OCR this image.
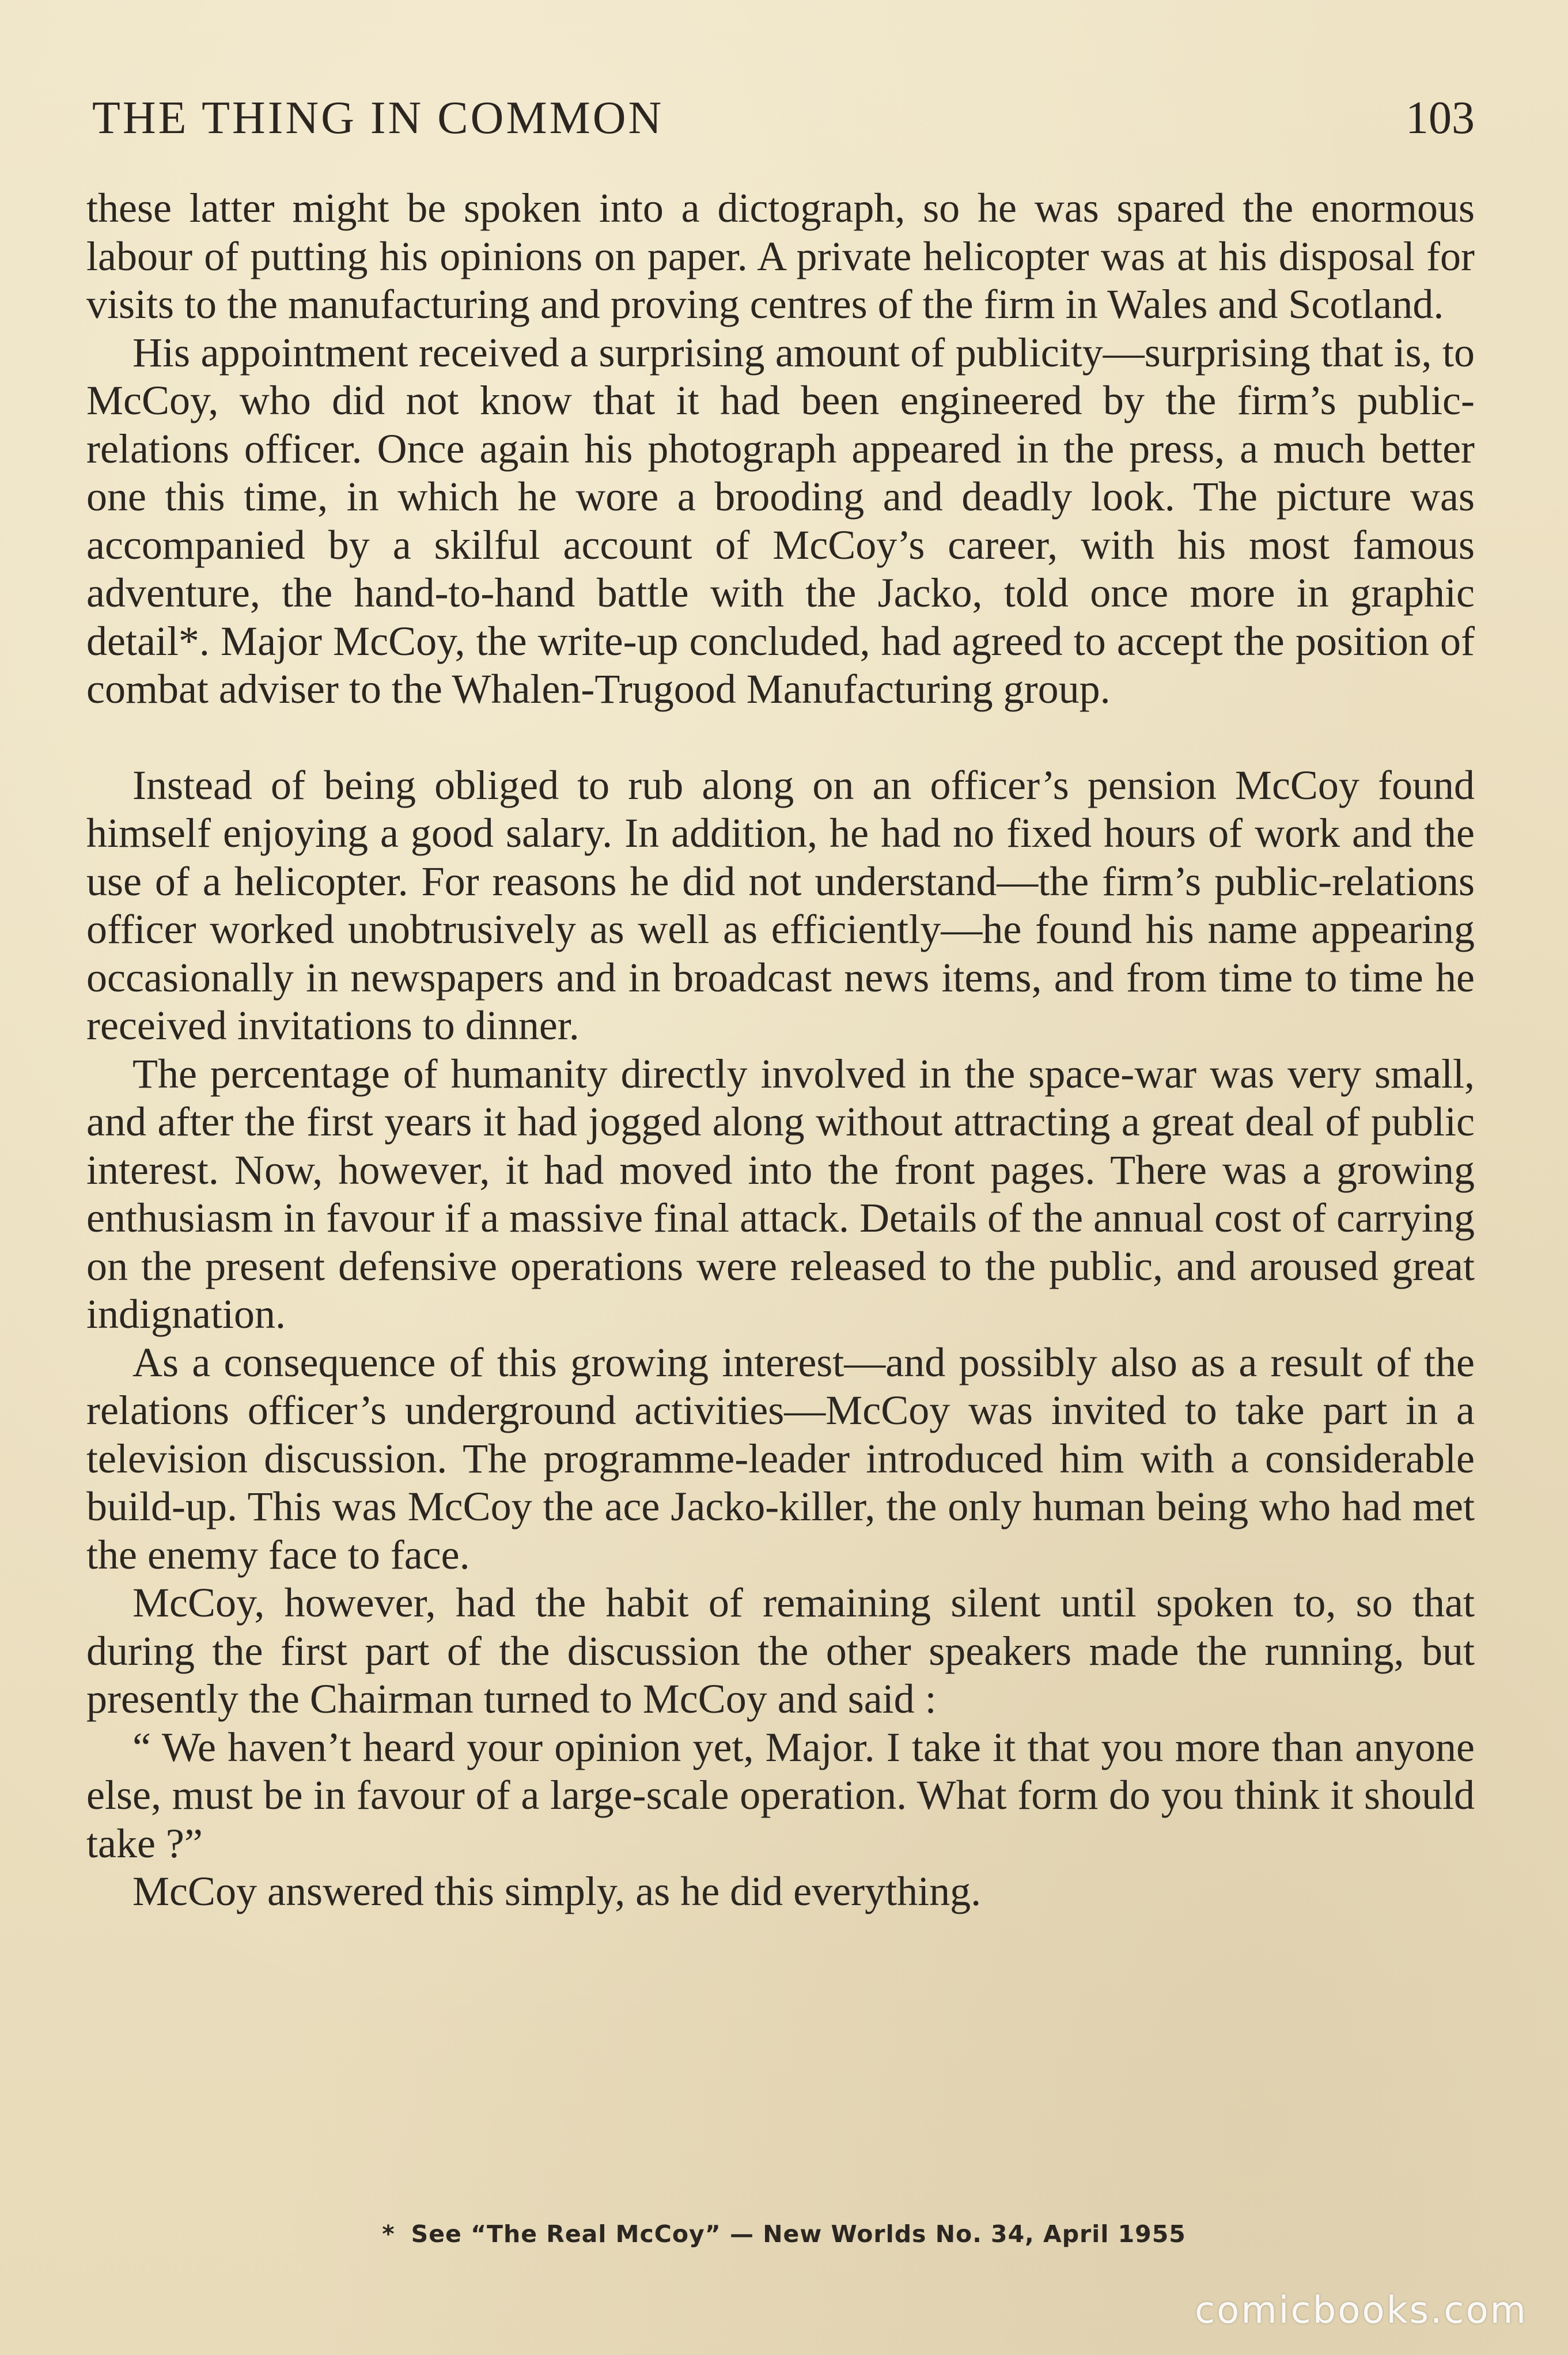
THE THING IN COMMON	103

these latter might be spoken into a dictograph, so he was spared the enormous labour of putting his opinions on paper. A private helicopter was at his disposal for visits to the manufacturing and proving centres of the firm in Wales and Scotland.

His appointment received a surprising amount of publicity—surprising that is, to McCoy, who did not know that it had been engineered by the firm’s public-relations officer. Once again his photograph appeared in the press, a much better one this time, in which he wore a brooding and deadly look. The picture was accompanied by a skilful account of McCoy’s career, with his most famous adventure, the hand-to-hand battle with the Jacko, told once more in graphic detail*. Major McCoy, the write-up concluded, had agreed to accept the position of combat adviser to the Whalen-Trugood Manufacturing group.

Instead of being obliged to rub along on an officer’s pension McCoy found himself enjoying a good salary. In addition, he had no fixed hours of work and the use of a helicopter. For reasons he did not understand—the firm’s public-relations officer worked unobtrusively as well as efficiently—he found his name appearing occasionally in newspapers and in broadcast news items, and from time to time he received invitations to dinner.

The percentage of humanity directly involved in the space-war was very small, and after the first years it had jogged along without attracting a great deal of public interest. Now, however, it had moved into the front pages. There was a growing enthusiasm in favour if a massive final attack. Details of the annual cost of carrying on the present defensive operations were released to the public, and aroused great indignation.

As a consequence of this growing interest—and possibly also as a result of the relations officer’s underground activities—McCoy was invited to take part in a television discussion. The programme-leader introduced him with a considerable build-up. This was McCoy the ace Jacko-killer, the only human being who had met the enemy face to face.

McCoy, however, had the habit of remaining silent until spoken to, so that during the first part of the discussion the other speakers made the running, but presently the Chairman turned to McCoy and said :

“ We haven’t heard your opinion yet, Major. I take it that you more than anyone else, must be in favour of a large-scale operation. What form do you think it should take ?”

McCoy answered this simply, as he did everything.

* See “The Real McCoy” — New Worlds No. 34, April 1955
comicbooks.com
